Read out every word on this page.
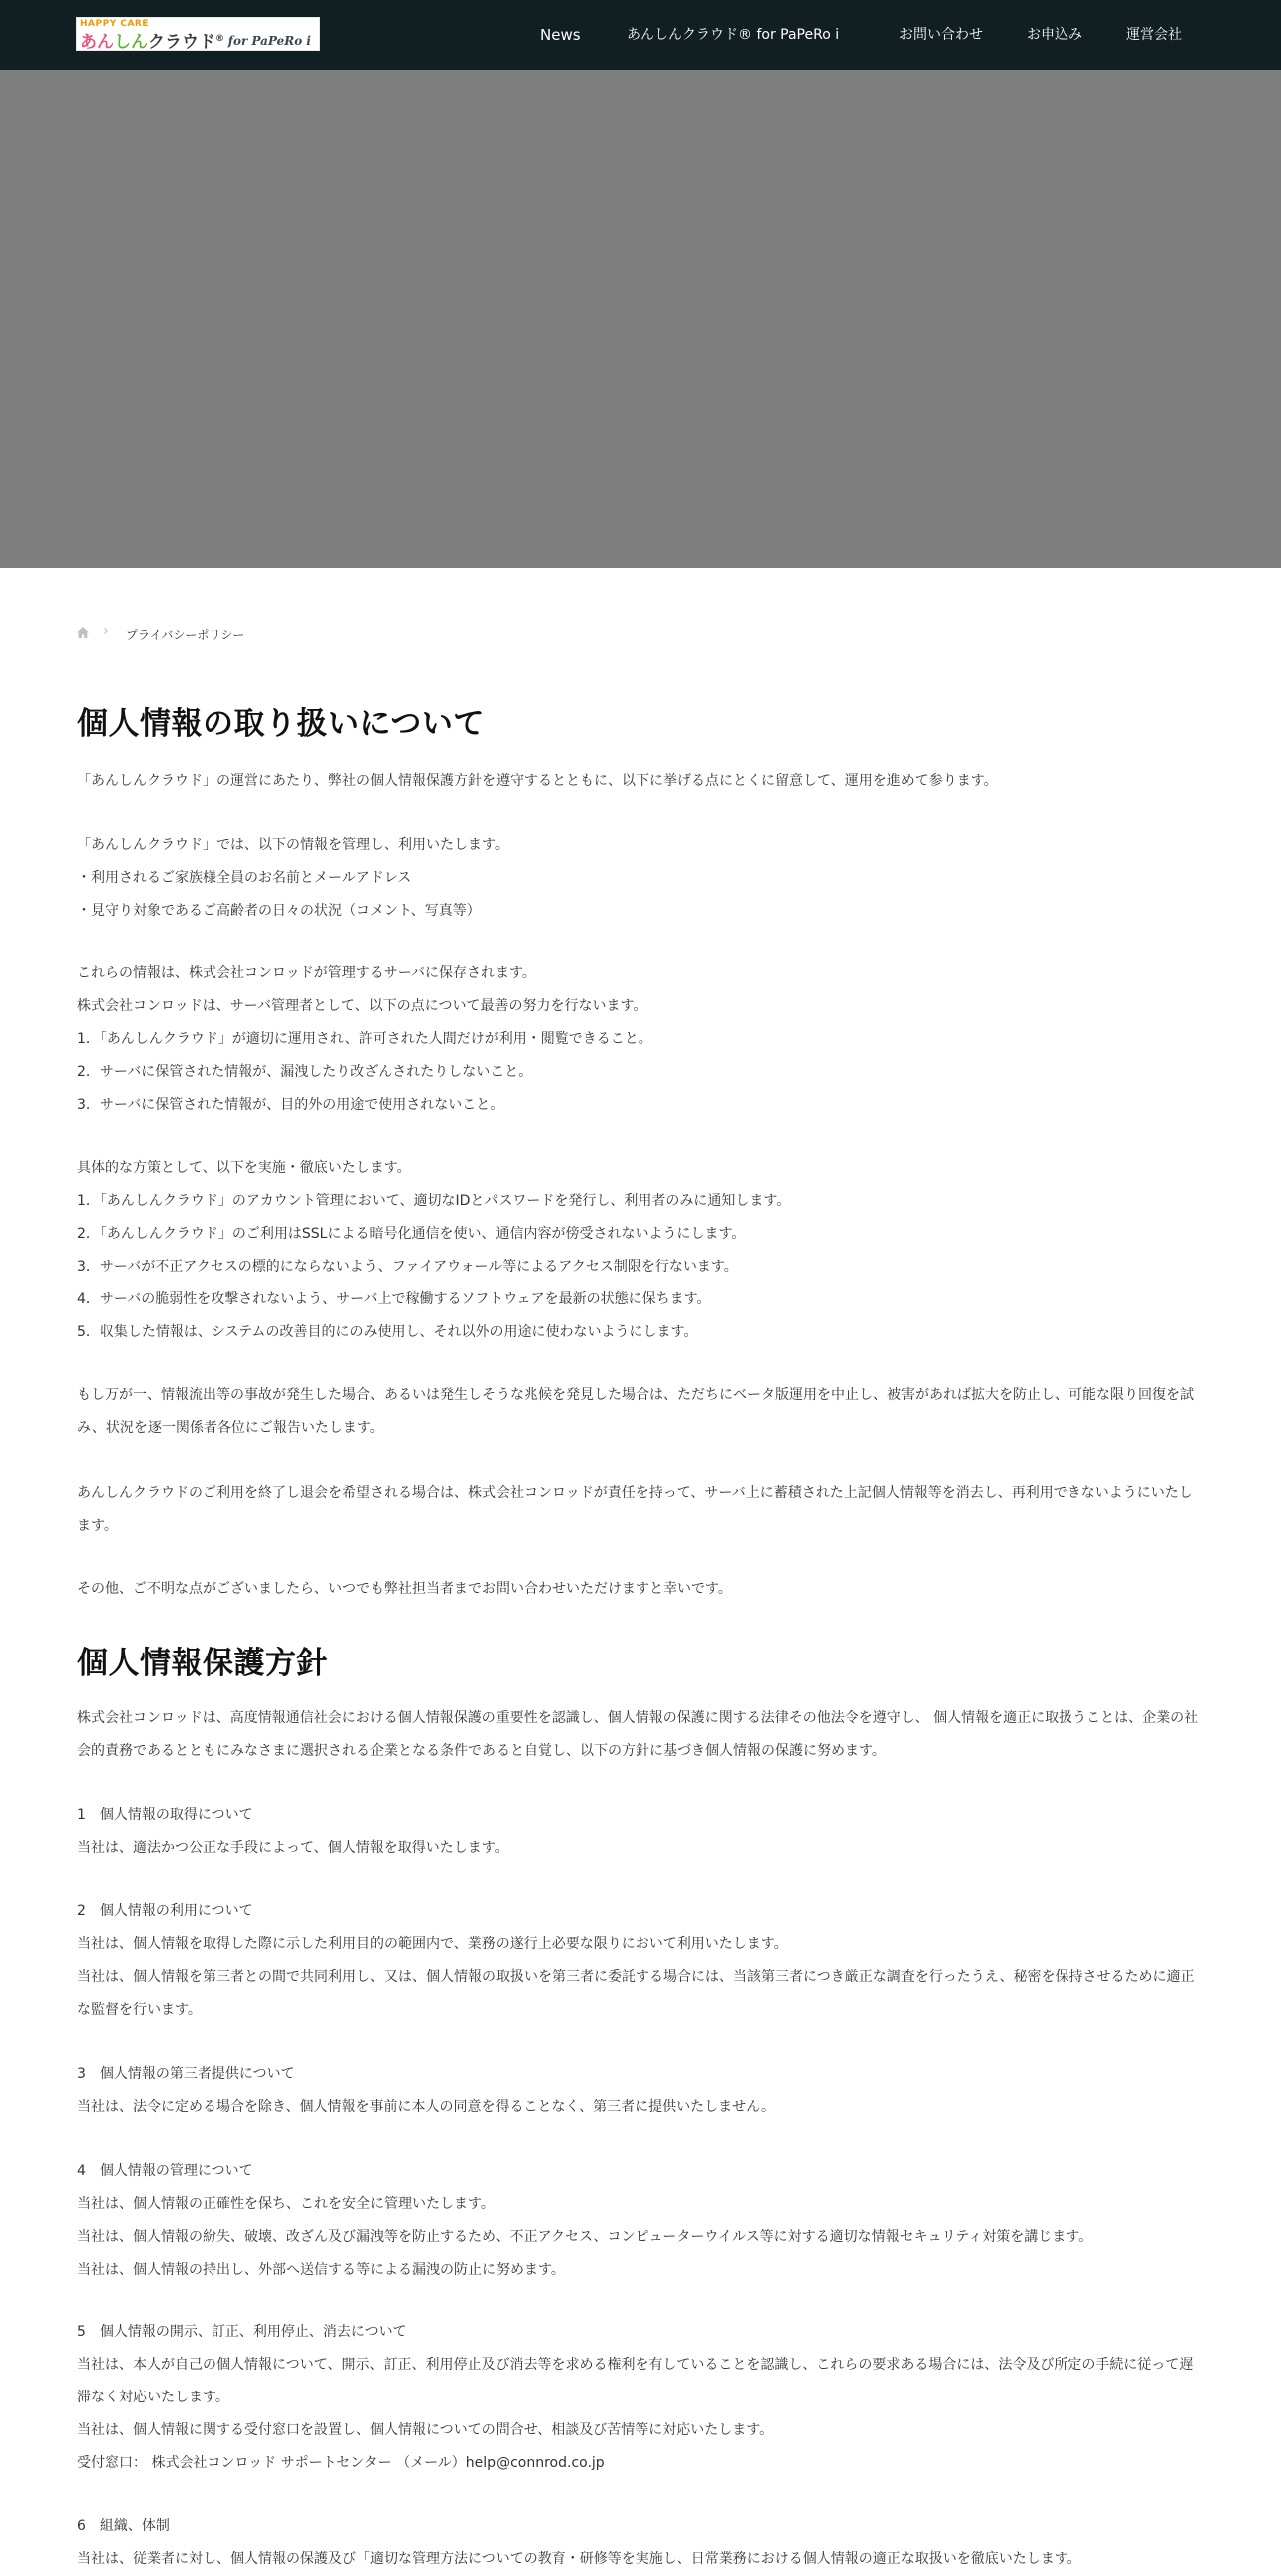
HAPPY CARE
あんしんクラウド® for PaPeRo i	News	あんしんクラウド® for PaPeRo i	お問い合わせ	お申込み	運営会社
› プライバシーポリシー
個人情報の取り扱いについて

「あんしんクラウド」の運営にあたり、弊社の個人情報保護方針を遵守するとともに、以下に挙げる点にとくに留意して、運用を進めて参ります。

「あんしんクラウド」では、以下の情報を管理し、利用いたします。
・利用されるご家族様全員のお名前とメールアドレス
・見守り対象であるご高齢者の日々の状況（コメント、写真等）

これらの情報は、株式会社コンロッドが管理するサーバに保存されます。
株式会社コンロッドは、サーバ管理者として、以下の点について最善の努力を行ないます。
1．「あんしんクラウド」が適切に運用され、許可された人間だけが利用・閲覧できること。
2．サーバに保管された情報が、漏洩したり改ざんされたりしないこと。
3．サーバに保管された情報が、目的外の用途で使用されないこと。

具体的な方策として、以下を実施・徹底いたします。
1．「あんしんクラウド」のアカウント管理において、適切なIDとパスワードを発行し、利用者のみに通知します。
2．「あんしんクラウド」のご利用はSSLによる暗号化通信を使い、通信内容が傍受されないようにします。
3．サーバが不正アクセスの標的にならないよう、ファイアウォール等によるアクセス制限を行ないます。
4．サーバの脆弱性を攻撃されないよう、サーバ上で稼働するソフトウェアを最新の状態に保ちます。
5．収集した情報は、システムの改善目的にのみ使用し、それ以外の用途に使わないようにします。

もし万が一、情報流出等の事故が発生した場合、あるいは発生しそうな兆候を発見した場合は、ただちにベータ版運用を中止し、被害があれば拡大を防止し、可能な限り回復を試み、状況を逐一関係者各位にご報告いたします。

あんしんクラウドのご利用を終了し退会を希望される場合は、株式会社コンロッドが責任を持って、サーバ上に蓄積された上記個人情報等を消去し、再利用できないようにいたします。

その他、ご不明な点がございましたら、いつでも弊社担当者までお問い合わせいただけますと幸いです。

個人情報保護方針

株式会社コンロッドは、高度情報通信社会における個人情報保護の重要性を認識し、個人情報の保護に関する法律その他法令を遵守し、 個人情報を適正に取扱うことは、企業の社会的責務であるとともにみなさまに選択される企業となる条件であると自覚し、以下の方針に基づき個人情報の保護に努めます。

1　個人情報の取得について
当社は、適法かつ公正な手段によって、個人情報を取得いたします。

2　個人情報の利用について
当社は、個人情報を取得した際に示した利用目的の範囲内で、業務の遂行上必要な限りにおいて利用いたします。
当社は、個人情報を第三者との間で共同利用し、又は、個人情報の取扱いを第三者に委託する場合には、当該第三者につき厳正な調査を行ったうえ、秘密を保持させるために適正な監督を行います。

3　個人情報の第三者提供について
当社は、法令に定める場合を除き、個人情報を事前に本人の同意を得ることなく、第三者に提供いたしません。

4　個人情報の管理について
当社は、個人情報の正確性を保ち、これを安全に管理いたします。
当社は、個人情報の紛失、破壊、改ざん及び漏洩等を防止するため、不正アクセス、コンピューターウイルス等に対する適切な情報セキュリティ対策を講じます。
当社は、個人情報の持出し、外部へ送信する等による漏洩の防止に努めます。

5　個人情報の開示、訂正、利用停止、消去について
当社は、本人が自己の個人情報について、開示、訂正、利用停止及び消去等を求める権利を有していることを認識し、これらの要求ある場合には、法令及び所定の手続に従って遅滞なく対応いたします。
当社は、個人情報に関する受付窓口を設置し、個人情報についての問合せ、相談及び苦情等に対応いたします。
受付窓口： 株式会社コンロッド サポートセンター （メール）help@connrod.co.jp

6　組織、体制
当社は、従業者に対し、個人情報の保護及び「適切な管理方法についての教育・研修等を実施し、日常業務における個人情報の適正な取扱いを徹底いたします。
